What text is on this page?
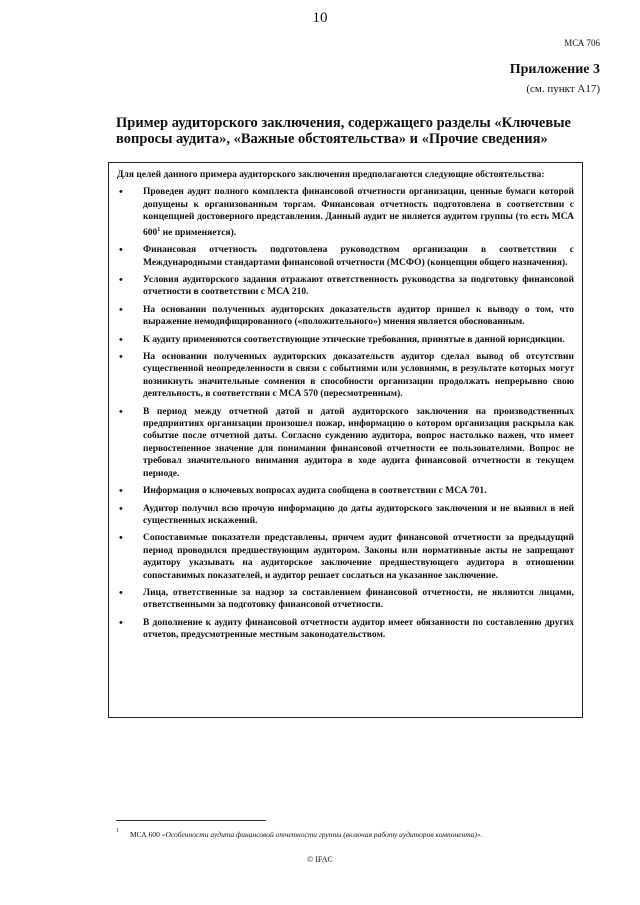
10
МСА 706
Приложение 3
(см. пункт А17)
Пример аудиторского заключения, содержащего разделы «Ключевые вопросы аудита», «Важные обстоятельства» и «Прочие сведения»

Для целей данного примера аудиторского заключения предполагаются следующие обстоятельства:

• Проведен аудит полного комплекта финансовой отчетности организации, ценные бумаги которой допущены к организованным торгам. Финансовая отчетность подготовлена в соответствии с концепцией достоверного представления. Данный аудит не является аудитом группы (то есть МСА $600^1$ не применяется).
• Финансовая отчетность подготовлена руководством организации в соответствии с Международными стандартами финансовой отчетности (МСФО) (концепция общего назначения).
• Условия аудиторского задания отражают ответственность руководства за подготовку финансовой отчетности в соответствии с МСА 210.
• На основании полученных аудиторских доказательств аудитор пришел к выводу о том, что выражение немодифицированного («положительного») мнения является обоснованным.
• К аудиту применяются соответствующие этические требования, принятые в данной юрисдикции.
• На основании полученных аудиторских доказательств аудитор сделал вывод об отсутствии существенной неопределенности в связи с событиями или условиями, в результате которых могут возникнуть значительные сомнения в способности организации продолжать непрерывно свою деятельность, в соответствии с МСА 570 (пересмотренным).
• В период между отчетной датой и датой аудиторского заключения на производственных предприятиях организации произошел пожар, информацию о котором организация раскрыла как событие после отчетной даты. Согласно суждению аудитора, вопрос настолько важен, что имеет первостепенное значение для понимания финансовой отчетности ее пользователями. Вопрос не требовал значительного внимания аудитора в ходе аудита финансовой отчетности в текущем периоде.
• Информация о ключевых вопросах аудита сообщена в соответствии с МСА 701.
• Аудитор получил всю прочую информацию до даты аудиторского заключения и не выявил в ней существенных искажений.
• Сопоставимые показатели представлены, причем аудит финансовой отчетности за предыдущий период проводился предшествующим аудитором. Законы или нормативные акты не запрещают аудитору указывать на аудиторское заключение предшествующего аудитора в отношении сопоставимых показателей, и аудитор решает сослаться на указанное заключение.
• Лица, ответственные за надзор за составлением финансовой отчетности, не являются лицами, ответственными за подготовку финансовой отчетности.
• В дополнение к аудиту финансовой отчетности аудитор имеет обязанности по составлению других отчетов, предусмотренные местным законодательством.
1 МСА 600 «Особенности аудита финансовой отчетности группы (включая работу аудиторов компонента)».
© IFAC
